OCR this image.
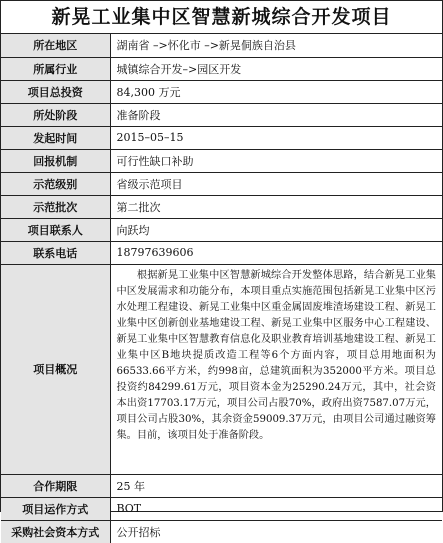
新晃工业集中区智慧新城综合开发项目
所在地区	湖南省 –>怀化市 –>新晃侗族自治县
所属行业	城镇综合开发–>园区开发
项目总投资	84,300 万元
所处阶段	准备阶段
发起时间	2015–05–15
回报机制	可行性缺口补助
示范级别	省级示范项目
示范批次	第二批次
项目联系人	向跃均
联系电话	18797639606
项目概况	根据新晃工业集中区智慧新城综合开发整体思路，结合新晃工业集中区发展需求和功能分布，本项目重点实施范围包括新晃工业集中区污水处理工程建设、新晃工业集中区重金属固废堆渣场建设工程、新晃工业集中区创新创业基地建设工程、新晃工业集中区服务中心工程建设、新晃工业集中区智慧教育信息化及职业教育培训基地建设工程、新晃工业集中区B地块提质改造工程等6个方面内容，项目总用地面积为66533.66平方米，约998亩，总建筑面积为352000平方米。项目总投资约84299.61万元，项目资本金为25290.24万元，其中，社会资本出资17703.17万元，项目公司占股70%，政府出资7587.07万元，项目公司占股30%，其余资金59009.37万元，由项目公司通过融资筹集。目前，该项目处于准备阶段。
合作期限	25 年
项目运作方式	BOT
采购社会资本方式	公开招标
